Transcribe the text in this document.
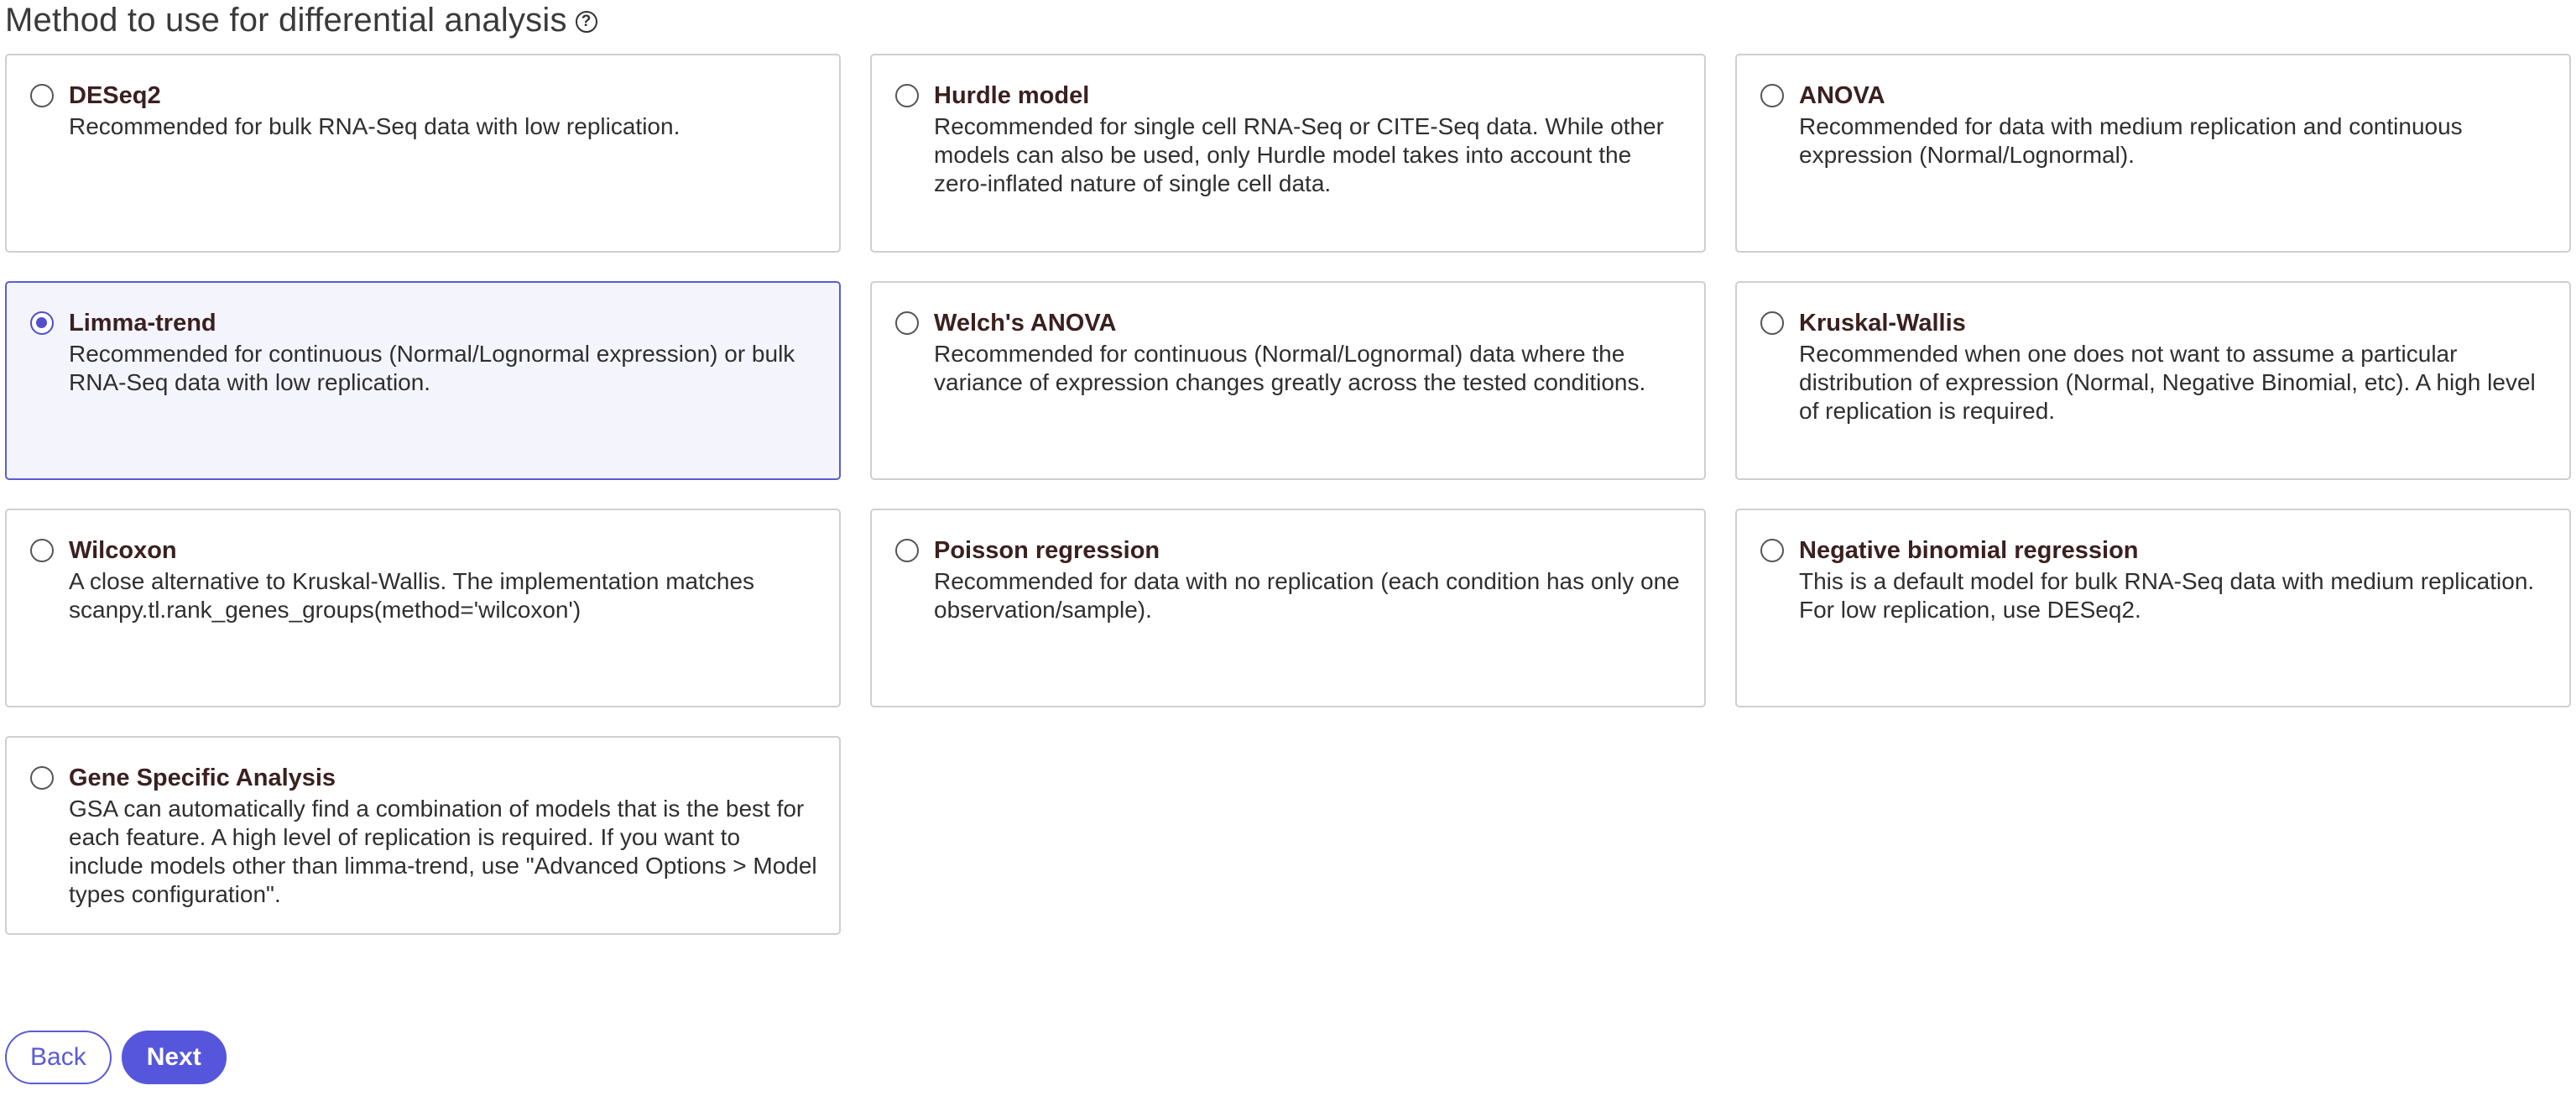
Method to use for differential analysis ?
DESeq2
Recommended for bulk RNA-Seq data with low replication.
Hurdle model
Recommended for single cell RNA-Seq or CITE-Seq data. While other models can also be used, only Hurdle model takes into account the zero-inflated nature of single cell data.
ANOVA
Recommended for data with medium replication and continuous expression (Normal/Lognormal).
Limma-trend
Recommended for continuous (Normal/Lognormal expression) or bulk RNA-Seq data with low replication.
Welch's ANOVA
Recommended for continuous (Normal/Lognormal) data where the variance of expression changes greatly across the tested conditions.
Kruskal-Wallis
Recommended when one does not want to assume a particular distribution of expression (Normal, Negative Binomial, etc). A high level of replication is required.
Wilcoxon
A close alternative to Kruskal-Wallis. The implementation matches scanpy.tl.rank_genes_groups(method='wilcoxon')
Poisson regression
Recommended for data with no replication (each condition has only one observation/sample).
Negative binomial regression
This is a default model for bulk RNA-Seq data with medium replication. For low replication, use DESeq2.
Gene Specific Analysis
GSA can automatically find a combination of models that is the best for each feature. A high level of replication is required. If you want to include models other than limma-trend, use "Advanced Options > Model types configuration".
Back	Next
